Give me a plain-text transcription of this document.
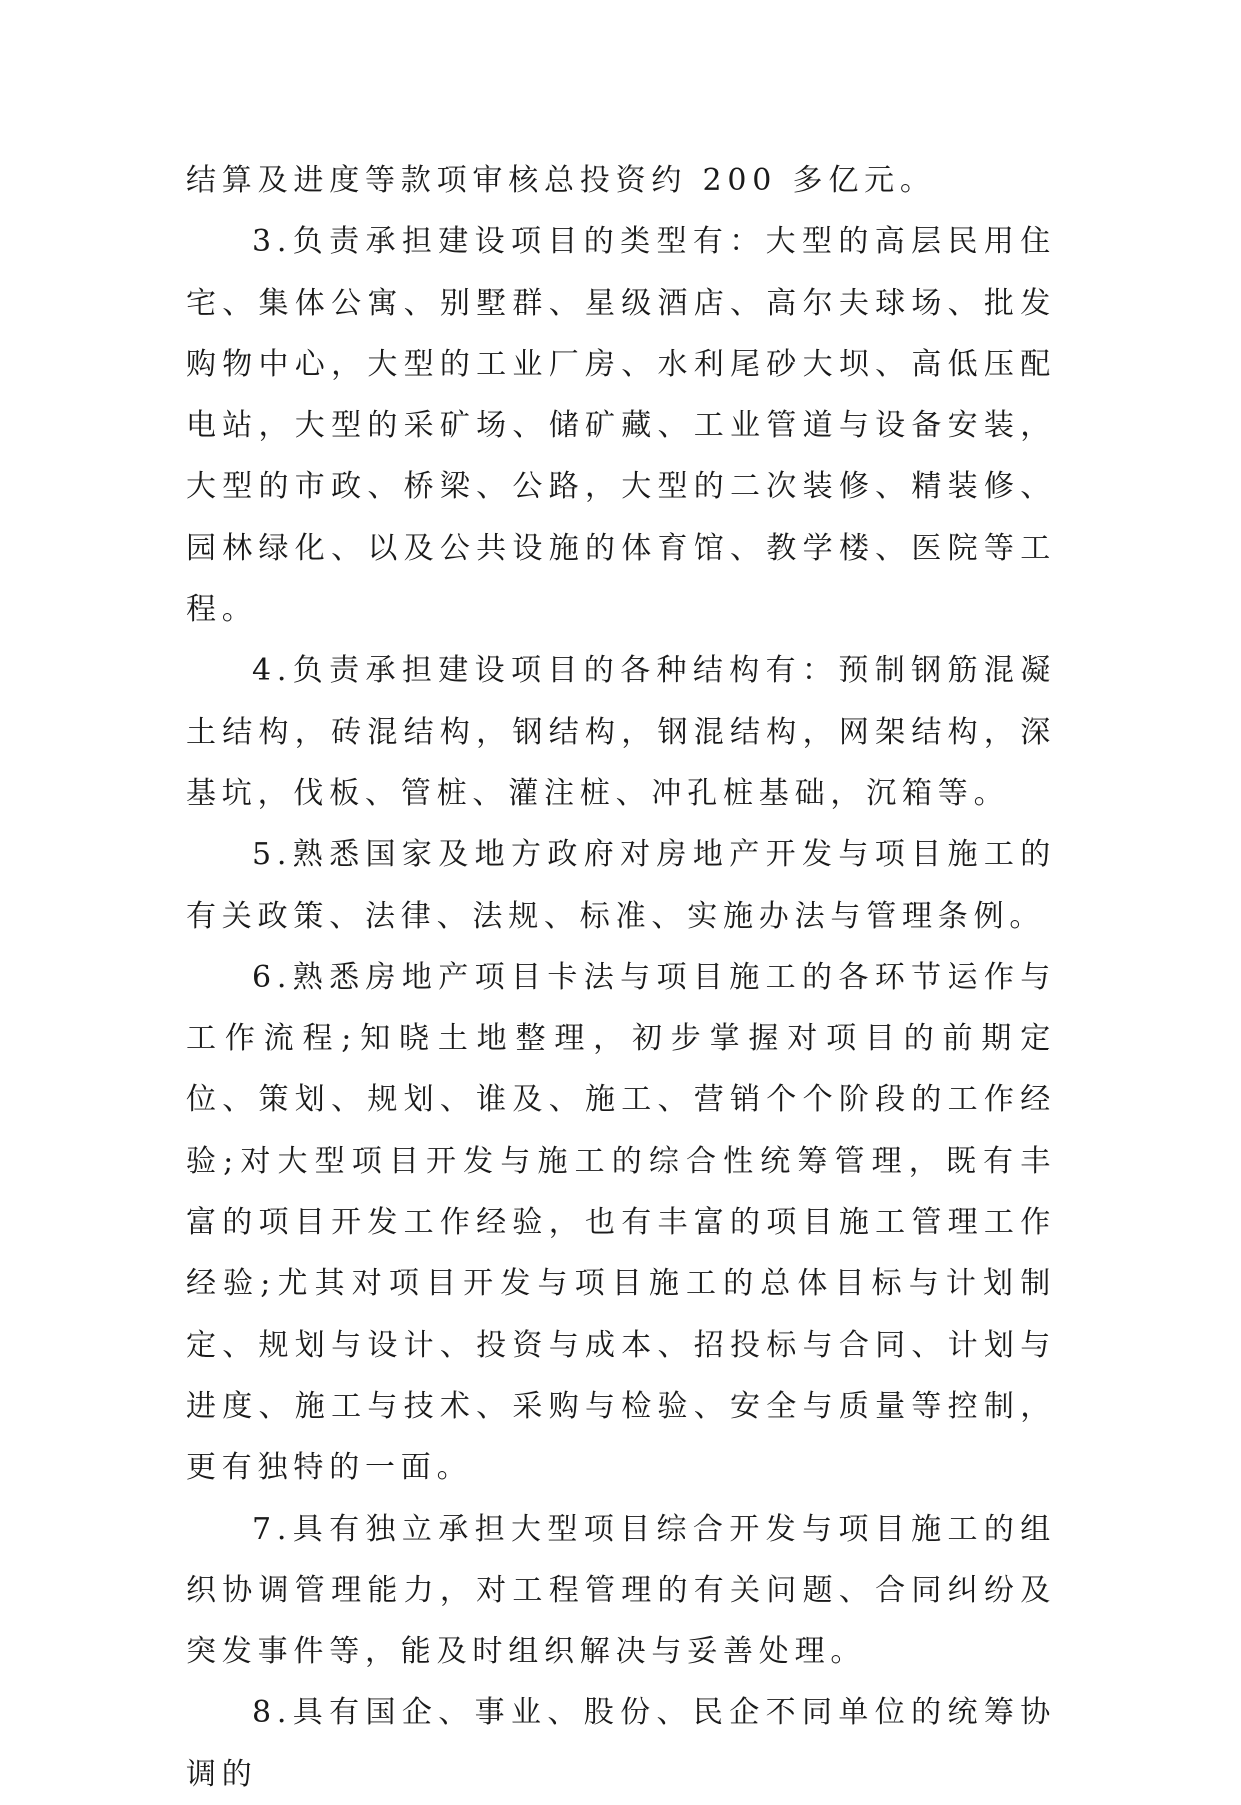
结算及进度等款项审核总投资约 200 多亿元。

3.负责承担建设项目的类型有：大型的高层民用住宅、集体公寓、别墅群、星级酒店、高尔夫球场、批发购物中心，大型的工业厂房、水利尾砂大坝、高低压配电站，大型的采矿场、储矿藏、工业管道与设备安装，大型的市政、桥梁、公路，大型的二次装修、精装修、园林绿化、以及公共设施的体育馆、教学楼、医院等工程。

4.负责承担建设项目的各种结构有：预制钢筋混凝土结构，砖混结构，钢结构，钢混结构，网架结构，深基坑，伐板、管桩、灌注桩、冲孔桩基础，沉箱等。

5.熟悉国家及地方政府对房地产开发与项目施工的有关政策、法律、法规、标准、实施办法与管理条例。

6.熟悉房地产项目卡法与项目施工的各环节运作与工作流程;知晓土地整理，初步掌握对项目的前期定位、策划、规划、谁及、施工、营销个个阶段的工作经验;对大型项目开发与施工的综合性统筹管理，既有丰富的项目开发工作经验，也有丰富的项目施工管理工作经验;尤其对项目开发与项目施工的总体目标与计划制定、规划与设计、投资与成本、招投标与合同、计划与进度、施工与技术、采购与检验、安全与质量等控制，更有独特的一面。

7.具有独立承担大型项目综合开发与项目施工的组织协调管理能力，对工程管理的有关问题、合同纠纷及突发事件等，能及时组织解决与妥善处理。

8.具有国企、事业、股份、民企不同单位的统筹协调的
